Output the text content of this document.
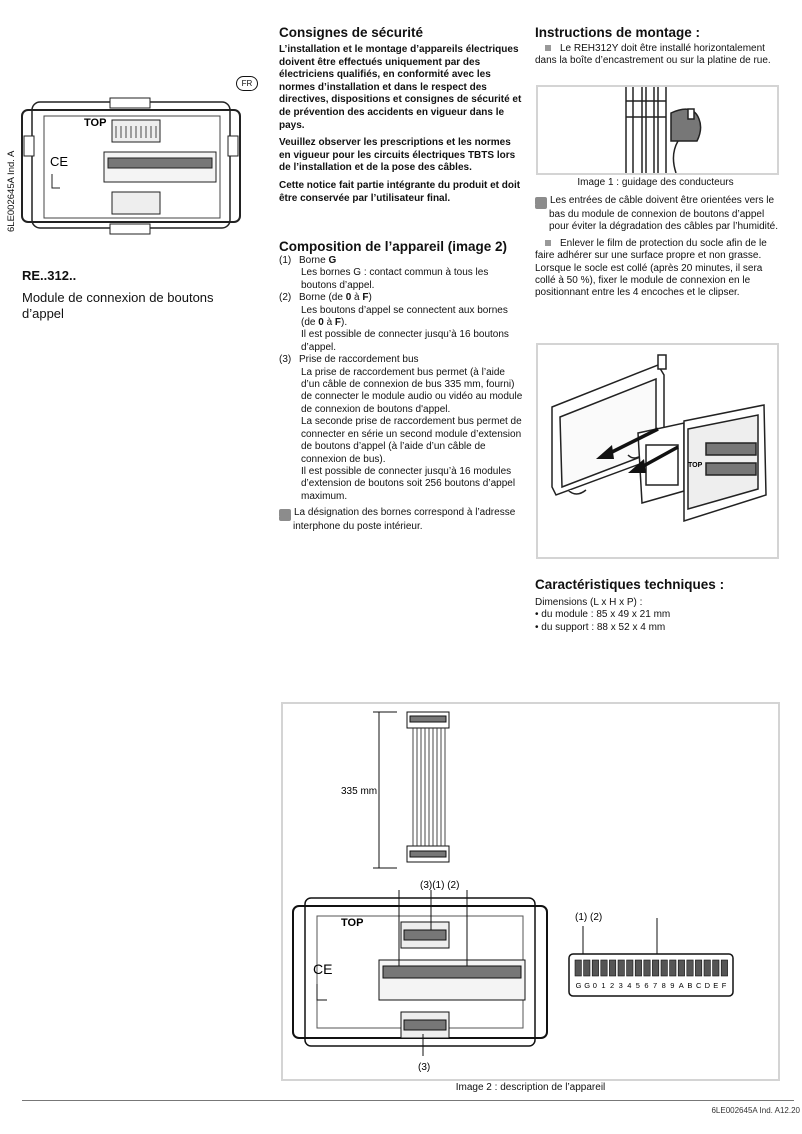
6LE002645A Ind. A
FR
TOP
CE
RE..312..
Module de connexion de boutons d’appel
Consignes de sécurité
L’installation et le montage d’appareils électriques doivent être effectués uniquement par des électriciens qualifiés, en conformité avec les normes d’installation et dans le respect des directives, dispositions et consignes de sécurité et de prévention des accidents en vigueur dans le pays.
Veuillez observer les prescriptions et les normes en vigueur pour les circuits électriques TBTS lors de l’installation et de la pose des câbles.
Cette notice fait partie intégrante du produit et doit être conservée par l’utilisateur final.
Composition de l’appareil (image 2)
(1) Borne G
Les bornes G : contact commun à tous les boutons d’appel.
(2) Borne (de 0 à F)
Les boutons d’appel se connectent aux bornes (de 0 à F).
Il est possible de connecter jusqu’à 16 boutons d’appel.
(3) Prise de raccordement bus
La prise de raccordement bus permet (à l’aide d’un câble de connexion de bus 335 mm, fourni) de connecter le module audio ou vidéo au module de connexion de boutons d'appel.
La seconde prise de raccordement bus permet de connecter en série un second module d’extension de boutons d’appel (à l’aide d’un câble de connexion de bus).
Il est possible de connecter jusqu’à 16 modules d’extension de boutons soit 256 boutons d’appel maximum.
i La désignation des bornes correspond à l’adresse interphone du poste intérieur.
Instructions de montage :
Le REH312Y doit être installé horizontalement dans la boîte d’encastrement ou sur la platine de rue.
Image 1 : guidage des conducteurs
i Les entrées de câble doivent être orientées vers le bas du module de connexion de boutons d’appel pour éviter la dégradation des câbles par l’humidité.
Enlever le film de protection du socle afin de le faire adhérer sur une surface propre et non grasse.
Lorsque le socle est collé (après 20 minutes, il sera collé à 50 %), fixer le module de connexion en le positionnant entre les 4 encoches et le clipser.
TOP
Caractéristiques techniques :
Dimensions (L x H x P) :
• du module : 85 x 49 x 21 mm
• du support : 88 x 52 x 4 mm
335 mm
(3)(1) (2)
TOP
CE
(3)
(1) (2)
G G 0 1 2 3 4 5 6 7 8 9 A B C D E F
Image 2 : description de l’appareil
6LE002645A Ind. A12.20
